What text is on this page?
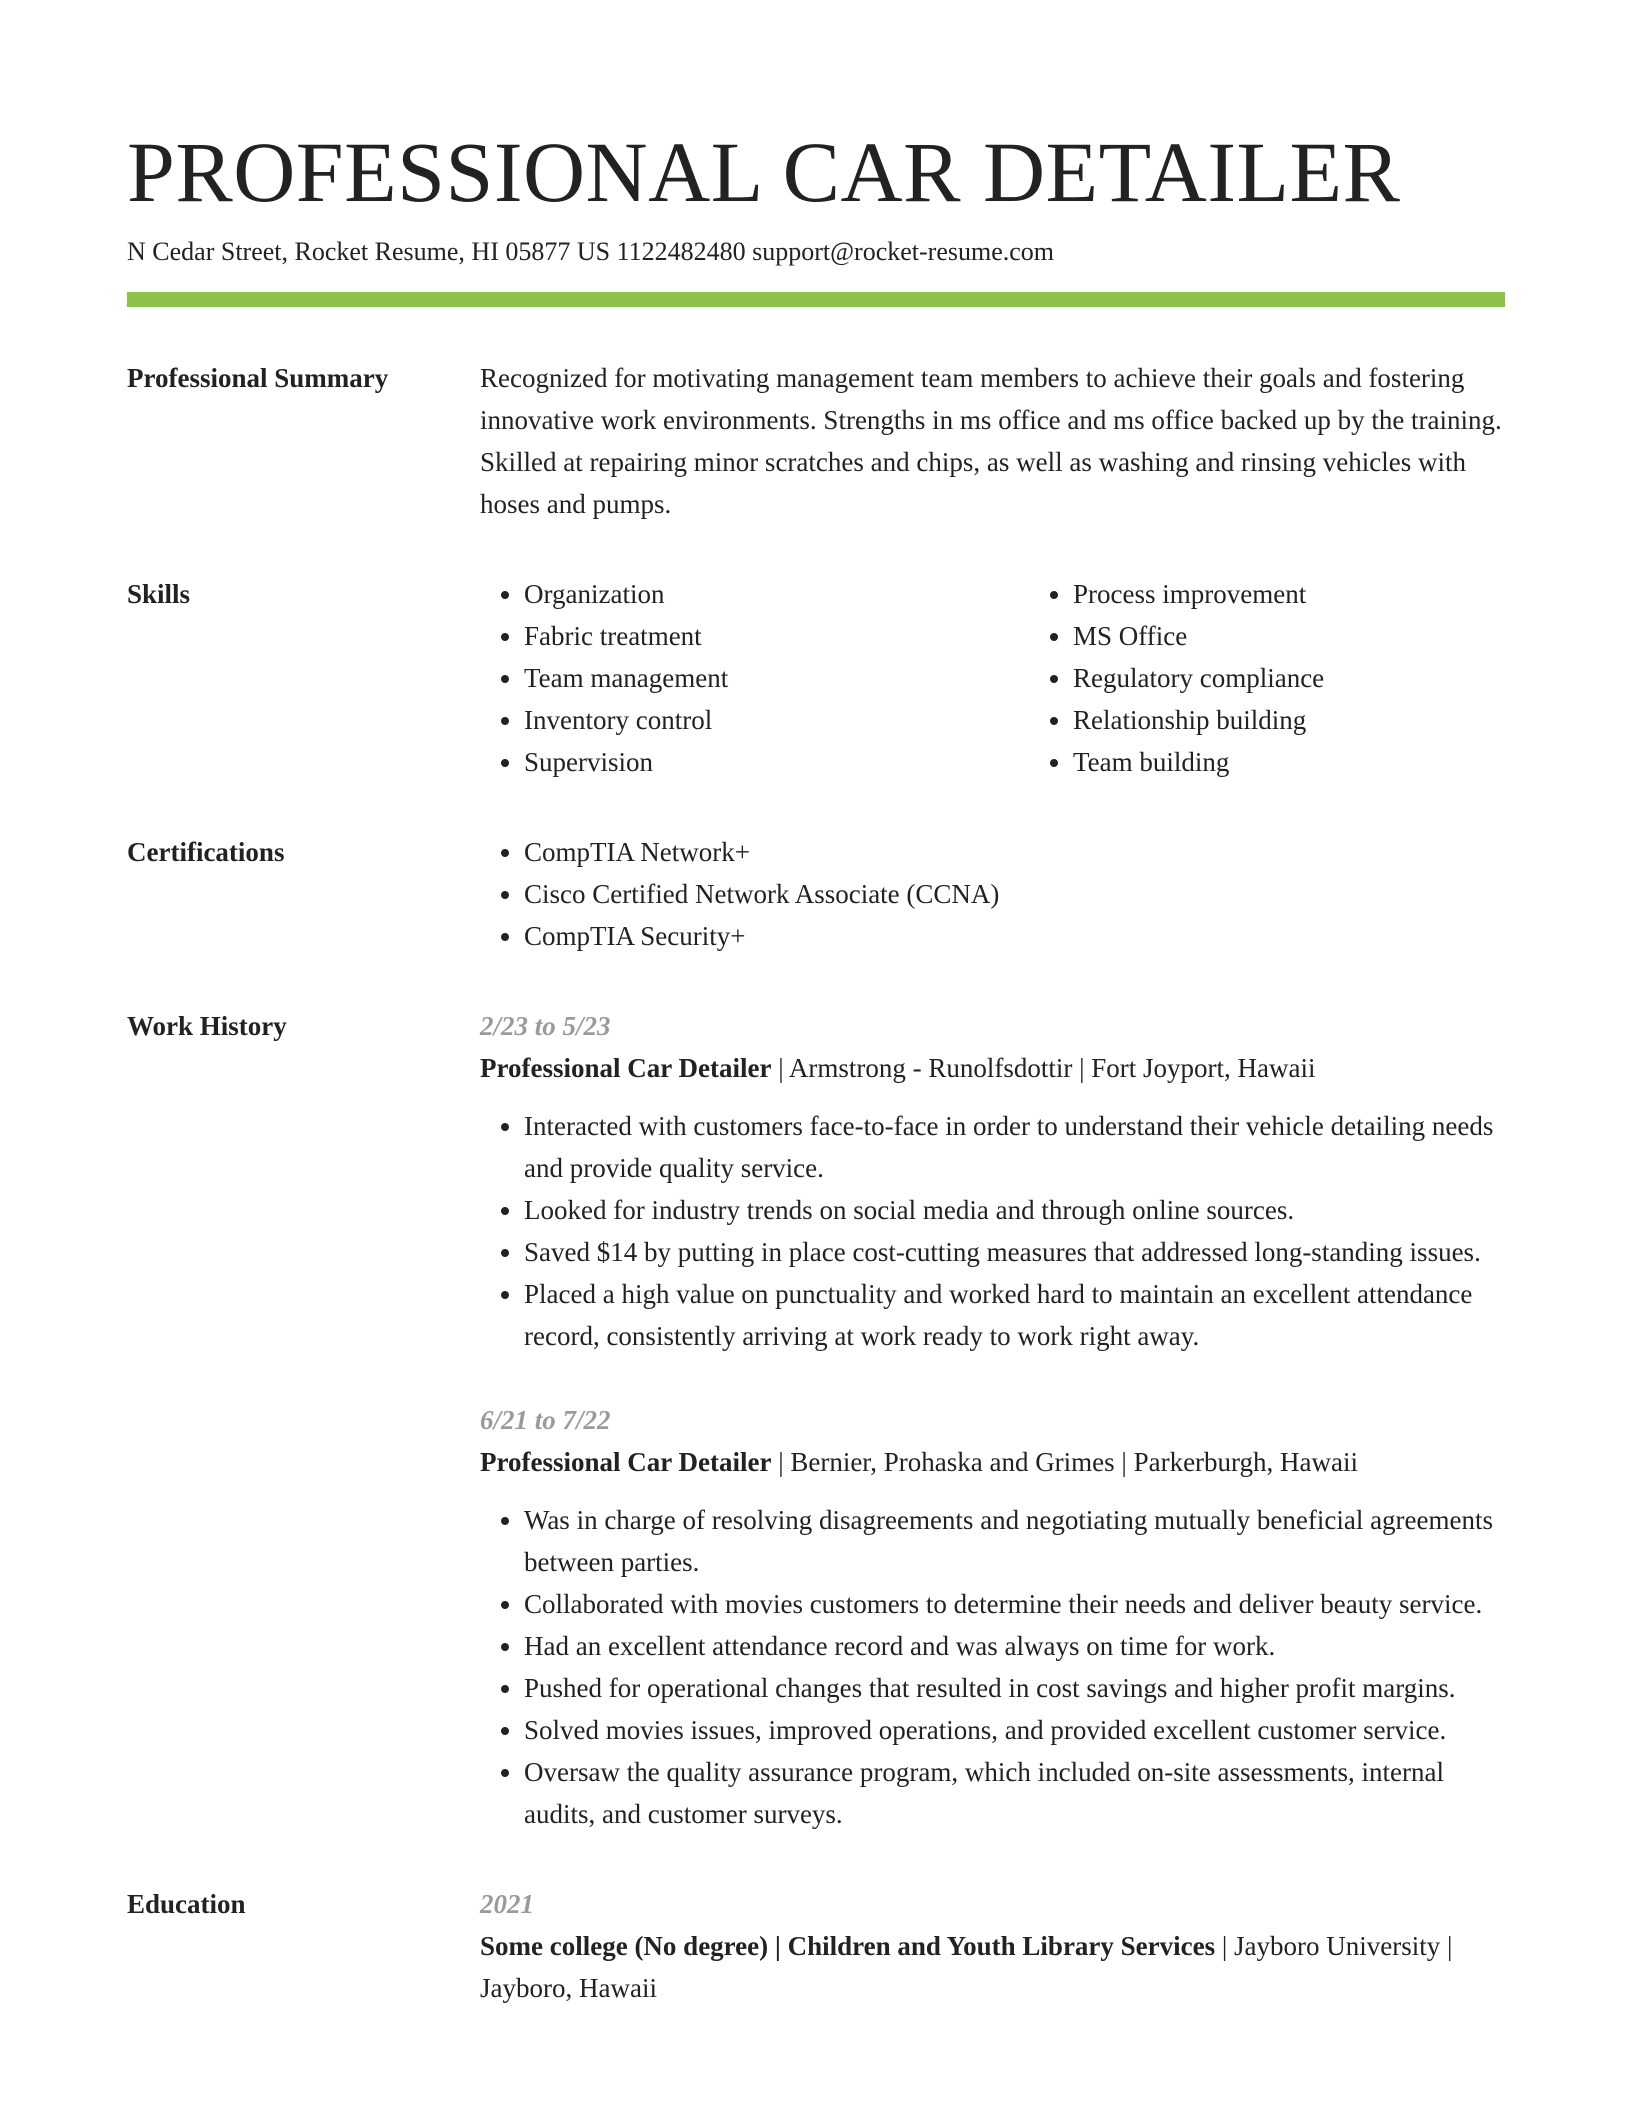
PROFESSIONAL CAR DETAILER
N Cedar Street, Rocket Resume, HI 05877 US 1122482480 support@rocket-resume.com
Professional Summary	Recognized for motivating management team members to achieve their goals and fostering innovative work environments. Strengths in ms office and ms office backed up by the training. Skilled at repairing minor scratches and chips, as well as washing and rinsing vehicles with hoses and pumps.

Skills	• Organization
• Fabric treatment
• Team management
• Inventory control
• Supervision
• Process improvement
• MS Office
• Regulatory compliance
• Relationship building
• Team building
Certifications	• CompTIA Network+
• Cisco Certified Network Associate (CCNA)
• CompTIA Security+
Work History	2/23 to 5/23
Professional Car Detailer | Armstrong - Runolfsdottir | Fort Joyport, Hawaii
• Interacted with customers face-to-face in order to understand their vehicle detailing needs and provide quality service.
• Looked for industry trends on social media and through online sources.
• Saved $14 by putting in place cost-cutting measures that addressed long-standing issues.
• Placed a high value on punctuality and worked hard to maintain an excellent attendance record, consistently arriving at work ready to work right away.
6/21 to 7/22
Professional Car Detailer | Bernier, Prohaska and Grimes | Parkerburgh, Hawaii
• Was in charge of resolving disagreements and negotiating mutually beneficial agreements between parties.
• Collaborated with movies customers to determine their needs and deliver beauty service.
• Had an excellent attendance record and was always on time for work.
• Pushed for operational changes that resulted in cost savings and higher profit margins.
• Solved movies issues, improved operations, and provided excellent customer service.
• Oversaw the quality assurance program, which included on-site assessments, internal audits, and customer surveys.
Education	2021
Some college (No degree) | Children and Youth Library Services | Jayboro University | Jayboro, Hawaii
